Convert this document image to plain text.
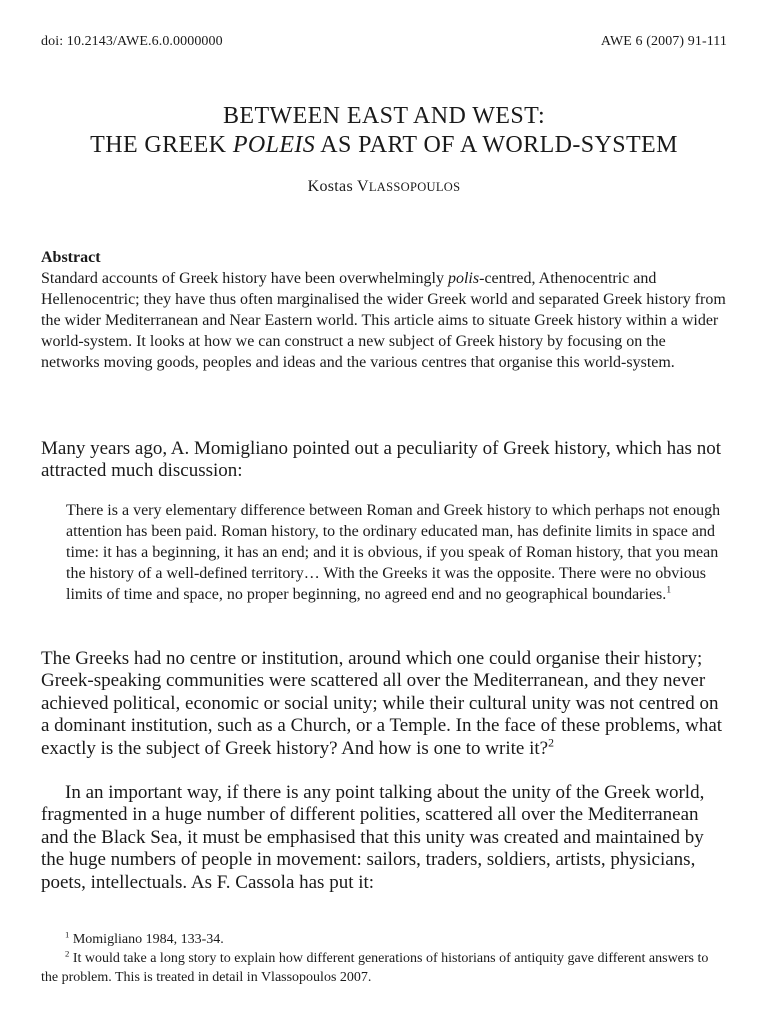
doi: 10.2143/AWE.6.0.0000000	AWE 6 (2007) 91-111
BETWEEN EAST AND WEST:
THE GREEK POLEIS AS PART OF A WORLD-SYSTEM
Kostas VLASSOPOULOS

Abstract

Standard accounts of Greek history have been overwhelmingly polis-centred, Athenocentric and Hellenocentric; they have thus often marginalised the wider Greek world and separated Greek history from the wider Mediterranean and Near Eastern world. This article aims to situate Greek history within a wider world-system. It looks at how we can construct a new subject of Greek history by focusing on the networks moving goods, peoples and ideas and the various centres that organise this world-system.

Many years ago, A. Momigliano pointed out a peculiarity of Greek history, which has not attracted much discussion:

There is a very elementary difference between Roman and Greek history to which perhaps not enough attention has been paid. Roman history, to the ordinary educated man, has definite limits in space and time: it has a beginning, it has an end; and it is obvious, if you speak of Roman history, that you mean the history of a well-defined territory… With the Greeks it was the opposite. There were no obvious limits of time and space, no proper beginning, no agreed end and no geographical boundaries.$^1$

The Greeks had no centre or institution, around which one could organise their history; Greek-speaking communities were scattered all over the Mediterranean, and they never achieved political, economic or social unity; while their cultural unity was not centred on a dominant institution, such as a Church, or a Temple. In the face of these problems, what exactly is the subject of Greek history? And how is one to write it?$^2$

In an important way, if there is any point talking about the unity of the Greek world, fragmented in a huge number of different polities, scattered all over the Mediterranean and the Black Sea, it must be emphasised that this unity was created and maintained by the huge numbers of people in movement: sailors, traders, soldiers, artists, physicians, poets, intellectuals. As F. Cassola has put it:

$^1$ Momigliano 1984, 133-34.

$^2$ It would take a long story to explain how different generations of historians of antiquity gave different answers to the problem. This is treated in detail in Vlassopoulos 2007.
